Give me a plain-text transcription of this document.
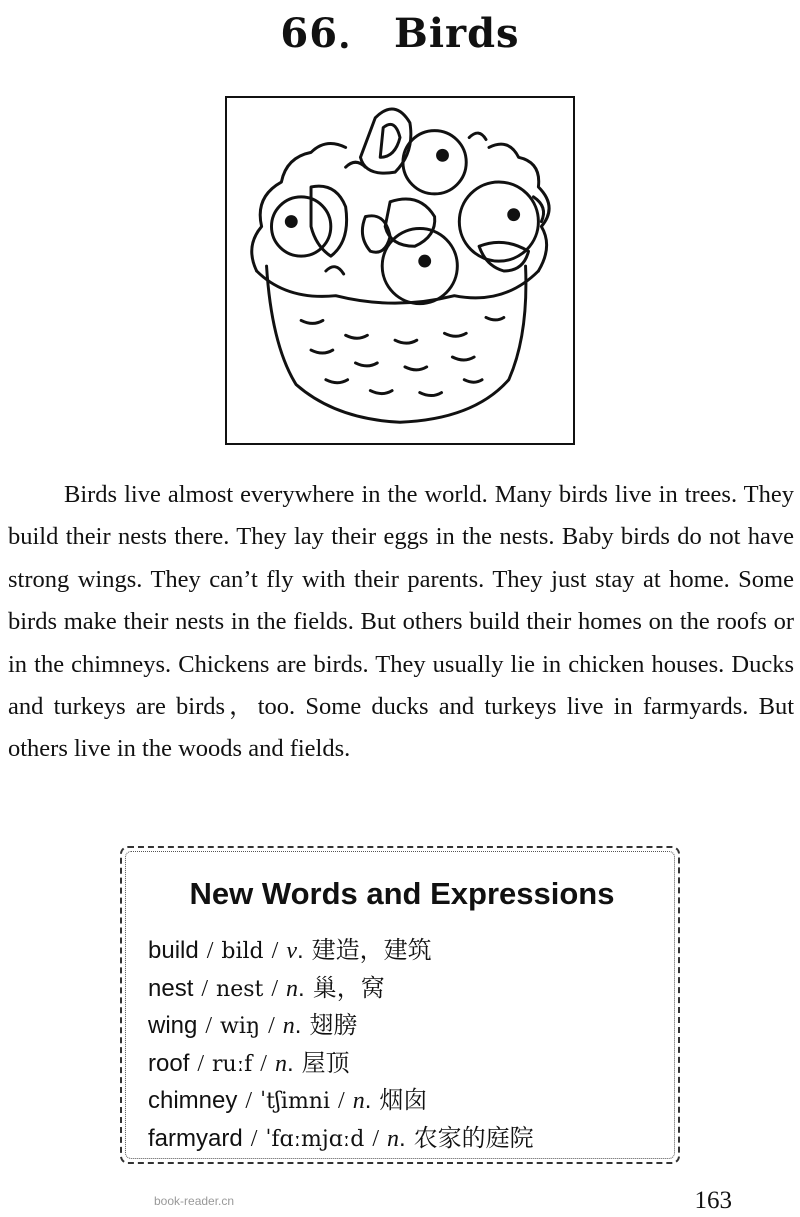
66． Birds

Birds live almost everywhere in the world. Many birds live in trees. They build their nests there. They lay their eggs in the nests. Baby birds do not have strong wings. They can’t fly with their parents. They just stay at home. Some birds make their nests in the fields. But others build their homes on the roofs or in the chimneys. Chickens are birds. They usually lie in chicken houses. Ducks and turkeys are birds，too. Some ducks and turkeys live in farmyards. But others live in the woods and fields.

New Words and Expressions
build / bild / v. 建造，建筑
nest / nest / n. 巢，窝
wing / wiŋ / n. 翅膀
roof / ruːf / n. 屋顶
chimney / ˈtʃimni / n. 烟囱
farmyard / ˈfɑːmjɑːd / n. 农家的庭院
book-reader.cn	163
